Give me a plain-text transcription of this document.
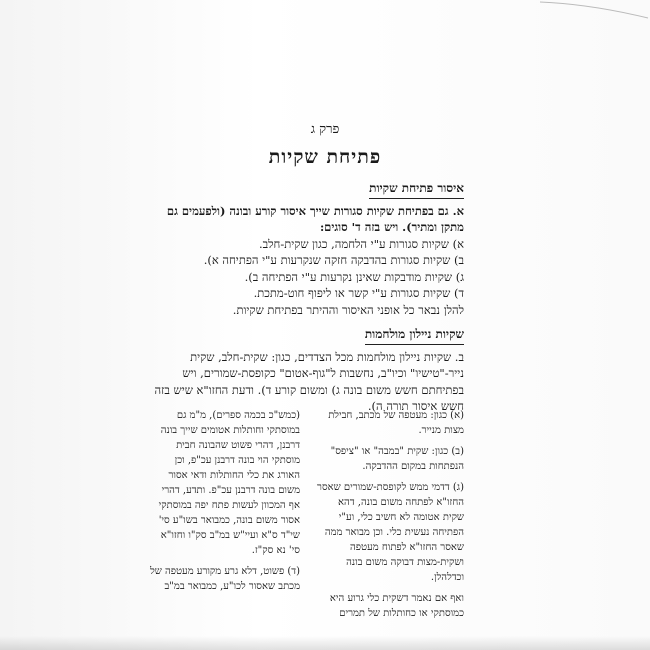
פרק ג
פתיחת שקיות
איסור פתיחת שקיות
א. גם בפתיחת שקיות סגורות שייך איסור קורע ובונה (ולפעמים גם
מתקן ומתיר). ויש בזה ד' סוגים:
א) שקיות סגורות ע"י הלחמה, כגון שקית-חלב.
ב) שקיות סגורות בהדבקה חזקה שנקרעות ע"י הפתיחה א).
ג) שקיות מודבקות שאינן נקרעות ע"י הפתיחה ב).
ד) שקיות סגורות ע"י קשר או ליפוף חוט-מתכת.
להלן נבאר כל אופני האיסור וההיתר בפתיחת שקיות.
שקיות ניילון מולחמות
ב. שקיות ניילון מולחמות מכל הצדדים, כגון: שקית-חלב, שקית
נייר-"טישיו" וכיו"ב, נחשבות ל"גוף-אטום" כקופסת-שמורים, ויש
בפתיחתם חשש משום בונה ג) ומשום קורע ד). ודעת החזו"א שיש בזה
חשש איסור תורה ה).

(א) כגון: מעטפה של מכתב, חבילת מצות מנייר.

(ב) כגון: שקית "במבה" או "ציפס" הנפתחות במקום ההדבקה.

(ג) דדמי ממש לקופסת-שמורים שאסר החזו"א לפתחה משום בונה, דהא שקית אטומה לא חשיב כלי, וע"י הפתיחה נעשית כלי. וכן מבואר ממה שאסר החזו"א לפתוח מעטפה ושקית-מצות דבוקה משום בונה וכדלהלן.

ואף אם נאמר דשקית כלי גרוע היא כמוסתקי או כחותלות של תמרים

(כמש"כ בכמה ספרים), מ"מ גם במוסתקי וחותלות אטומים שייך בונה דרבנן, דהרי פשוט שהבונה חבית מוסתקי הוי בונה דרבנן עכ"פ, וכן האורג את כלי החותלות ודאי אסור משום בונה דרבנן עכ"פ. ותדע, דהרי אף המכוון לעשות פתח יפה במוסתקי אסור משום בונה, כמבואר בשו"ע סי' שי"ד ס"א ועיי"ש במ"ב סק"ו וחזו"א סי' נא סק"ז.

(ד) פשוט, דלא גרע מקורע מעטפה של מכתב שאסור לכו"ע, כמבואר במ"ב
